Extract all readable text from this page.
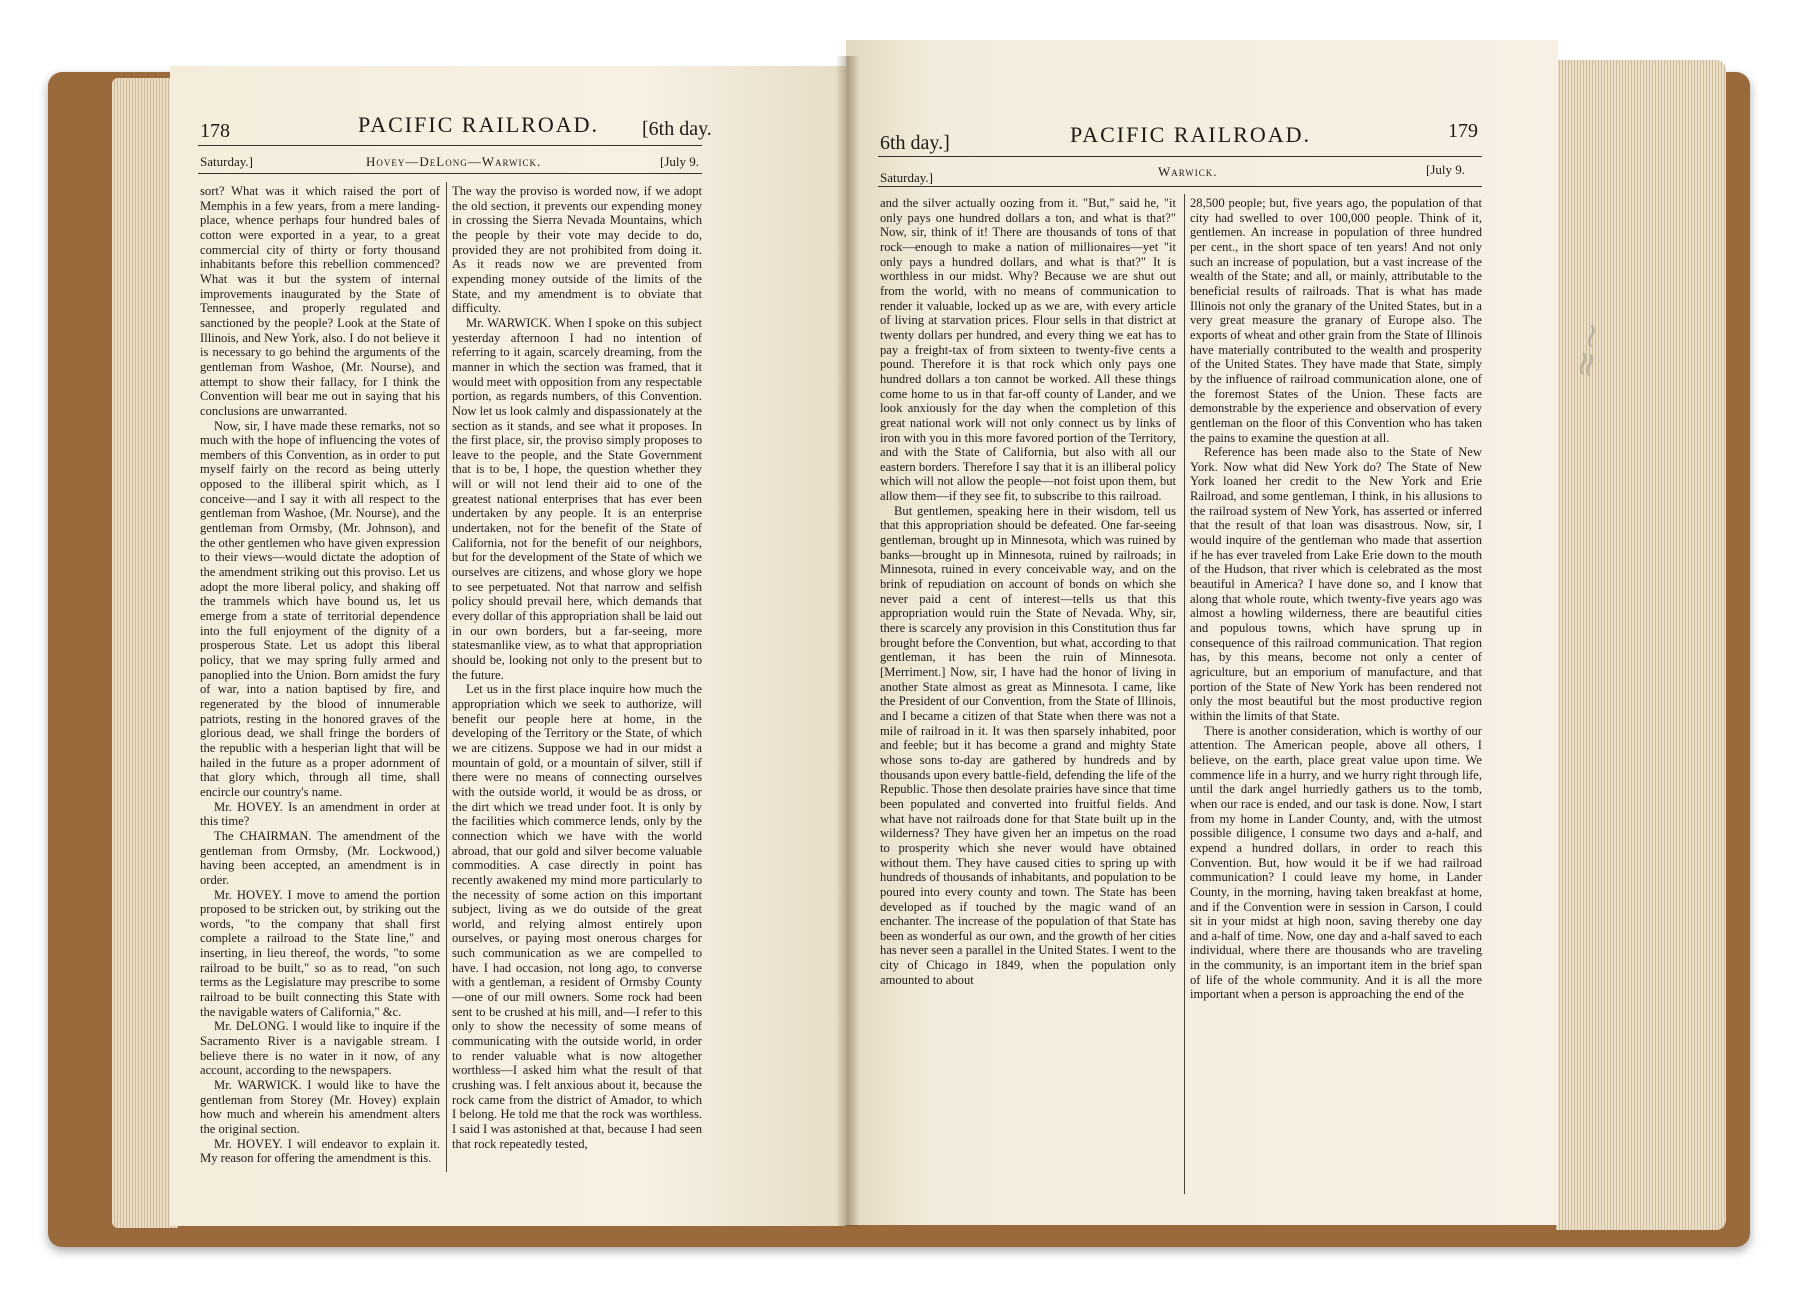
178	PACIFIC RAILROAD. [6th day.
Saturday.]	Hovey—DeLong—Warwick.	[July 9.

sort? What was it which raised the port of Memphis in a few years, from a mere landing-place, whence perhaps four hundred bales of cotton were exported in a year, to a great commercial city of thirty or forty thousand inhabitants before this rebellion commenced? What was it but the system of internal improvements inaugurated by the State of Tennessee, and properly regulated and sanctioned by the people? Look at the State of Illinois, and New York, also. I do not believe it is necessary to go behind the arguments of the gentleman from Washoe, (Mr. Nourse), and attempt to show their fallacy, for I think the Convention will bear me out in saying that his conclusions are unwarranted.

Now, sir, I have made these remarks, not so much with the hope of influencing the votes of members of this Convention, as in order to put myself fairly on the record as being utterly opposed to the illiberal spirit which, as I conceive—and I say it with all respect to the gentleman from Washoe, (Mr. Nourse), and the gentleman from Ormsby, (Mr. Johnson), and the other gentlemen who have given expression to their views—would dictate the adoption of the amendment striking out this proviso. Let us adopt the more liberal policy, and shaking off the trammels which have bound us, let us emerge from a state of territorial dependence into the full enjoyment of the dignity of a prosperous State. Let us adopt this liberal policy, that we may spring fully armed and panoplied into the Union. Born amidst the fury of war, into a nation baptised by fire, and regenerated by the blood of innumerable patriots, resting in the honored graves of the glorious dead, we shall fringe the borders of the republic with a hesperian light that will be hailed in the future as a proper adornment of that glory which, through all time, shall encircle our country's name.

Mr. HOVEY. Is an amendment in order at this time?

The CHAIRMAN. The amendment of the gentleman from Ormsby, (Mr. Lockwood,) having been accepted, an amendment is in order.

Mr. HOVEY. I move to amend the portion proposed to be stricken out, by striking out the words, "to the company that shall first complete a railroad to the State line," and inserting, in lieu thereof, the words, "to some railroad to be built," so as to read, "on such terms as the Legislature may prescribe to some railroad to be built connecting this State with the navigable waters of California," &c.

Mr. DeLONG. I would like to inquire if the Sacramento River is a navigable stream. I believe there is no water in it now, of any account, according to the newspapers.

Mr. WARWICK. I would like to have the gentleman from Storey (Mr. Hovey) explain how much and wherein his amendment alters the original section.

Mr. HOVEY. I will endeavor to explain it. My reason for offering the amendment is this.

The way the proviso is worded now, if we adopt the old section, it prevents our expending money in crossing the Sierra Nevada Mountains, which the people by their vote may decide to do, provided they are not prohibited from doing it. As it reads now we are prevented from expending money outside of the limits of the State, and my amendment is to obviate that difficulty.

Mr. WARWICK. When I spoke on this subject yesterday afternoon I had no intention of referring to it again, scarcely dreaming, from the manner in which the section was framed, that it would meet with opposition from any respectable portion, as regards numbers, of this Convention. Now let us look calmly and dispassionately at the section as it stands, and see what it proposes. In the first place, sir, the proviso simply proposes to leave to the people, and the State Government that is to be, I hope, the question whether they will or will not lend their aid to one of the greatest national enterprises that has ever been undertaken by any people. It is an enterprise undertaken, not for the benefit of the State of California, not for the benefit of our neighbors, but for the development of the State of which we ourselves are citizens, and whose glory we hope to see perpetuated. Not that narrow and selfish policy should prevail here, which demands that every dollar of this appropriation shall be laid out in our own borders, but a far-seeing, more statesmanlike view, as to what that appropriation should be, looking not only to the present but to the future.

Let us in the first place inquire how much the appropriation which we seek to authorize, will benefit our people here at home, in the developing of the Territory or the State, of which we are citizens. Suppose we had in our midst a mountain of gold, or a mountain of silver, still if there were no means of connecting ourselves with the outside world, it would be as dross, or the dirt which we tread under foot. It is only by the facilities which commerce lends, only by the connection which we have with the world abroad, that our gold and silver become valuable commodities. A case directly in point has recently awakened my mind more particularly to the necessity of some action on this important subject, living as we do outside of the great world, and relying almost entirely upon ourselves, or paying most onerous charges for such communication as we are compelled to have. I had occasion, not long ago, to converse with a gentleman, a resident of Ormsby County—one of our mill owners. Some rock had been sent to be crushed at his mill, and—I refer to this only to show the necessity of some means of communicating with the outside world, in order to render valuable what is now altogether worthless—I asked him what the result of that crushing was. I felt anxious about it, because the rock came from the district of Amador, to which I belong. He told me that the rock was worthless. I said I was astonished at that, because I had seen that rock repeatedly tested,

6th day.]	PACIFIC RAILROAD.	179
Saturday.]	Warwick.	[July 9.

and the silver actually oozing from it. "But," said he, "it only pays one hundred dollars a ton, and what is that?" Now, sir, think of it! There are thousands of tons of that rock—enough to make a nation of millionaires—yet "it only pays a hundred dollars, and what is that?" It is worthless in our midst. Why? Because we are shut out from the world, with no means of communication to render it valuable, locked up as we are, with every article of living at starvation prices. Flour sells in that district at twenty dollars per hundred, and every thing we eat has to pay a freight-tax of from sixteen to twenty-five cents a pound. Therefore it is that rock which only pays one hundred dollars a ton cannot be worked. All these things come home to us in that far-off county of Lander, and we look anxiously for the day when the completion of this great national work will not only connect us by links of iron with you in this more favored portion of the Territory, and with the State of California, but also with all our eastern borders. Therefore I say that it is an illiberal policy which will not allow the people—not foist upon them, but allow them—if they see fit, to subscribe to this railroad.

But gentlemen, speaking here in their wisdom, tell us that this appropriation should be defeated. One far-seeing gentleman, brought up in Minnesota, which was ruined by banks—brought up in Minnesota, ruined by railroads; in Minnesota, ruined in every conceivable way, and on the brink of repudiation on account of bonds on which she never paid a cent of interest—tells us that this appropriation would ruin the State of Nevada. Why, sir, there is scarcely any provision in this Constitution thus far brought before the Convention, but what, according to that gentleman, it has been the ruin of Minnesota. [Merriment.] Now, sir, I have had the honor of living in another State almost as great as Minnesota. I came, like the President of our Convention, from the State of Illinois, and I became a citizen of that State when there was not a mile of railroad in it. It was then sparsely inhabited, poor and feeble; but it has become a grand and mighty State whose sons to-day are gathered by hundreds and by thousands upon every battle-field, defending the life of the Republic. Those then desolate prairies have since that time been populated and converted into fruitful fields. And what have not railroads done for that State built up in the wilderness? They have given her an impetus on the road to prosperity which she never would have obtained without them. They have caused cities to spring up with hundreds of thousands of inhabitants, and population to be poured into every county and town. The State has been developed as if touched by the magic wand of an enchanter. The increase of the population of that State has been as wonderful as our own, and the growth of her cities has never seen a parallel in the United States. I went to the city of Chicago in 1849, when the population only amounted to about

28,500 people; but, five years ago, the population of that city had swelled to over 100,000 people. Think of it, gentlemen. An increase in population of three hundred per cent., in the short space of ten years! And not only such an increase of population, but a vast increase of the wealth of the State; and all, or mainly, attributable to the beneficial results of railroads. That is what has made Illinois not only the granary of the United States, but in a very great measure the granary of Europe also. The exports of wheat and other grain from the State of Illinois have materially contributed to the wealth and prosperity of the United States. They have made that State, simply by the influence of railroad communication alone, one of the foremost States of the Union. These facts are demonstrable by the experience and observation of every gentleman on the floor of this Convention who has taken the pains to examine the question at all.

Reference has been made also to the State of New York. Now what did New York do? The State of New York loaned her credit to the New York and Erie Railroad, and some gentleman, I think, in his allusions to the railroad system of New York, has asserted or inferred that the result of that loan was disastrous. Now, sir, I would inquire of the gentleman who made that assertion if he has ever traveled from Lake Erie down to the mouth of the Hudson, that river which is celebrated as the most beautiful in America? I have done so, and I know that along that whole route, which twenty-five years ago was almost a howling wilderness, there are beautiful cities and populous towns, which have sprung up in consequence of this railroad communication. That region has, by this means, become not only a center of agriculture, but an emporium of manufacture, and that portion of the State of New York has been rendered not only the most beautiful but the most productive region within the limits of that State.

There is another consideration, which is worthy of our attention. The American people, above all others, I believe, on the earth, place great value upon time. We commence life in a hurry, and we hurry right through life, until the dark angel hurriedly gathers us to the tomb, when our race is ended, and our task is done. Now, I start from my home in Lander County, and, with the utmost possible diligence, I consume two days and a-half, and expend a hundred dollars, in order to reach this Convention. But, how would it be if we had railroad communication? I could leave my home, in Lander County, in the morning, having taken breakfast at home, and if the Convention were in session in Carson, I could sit in your midst at high noon, saving thereby one day and a-half of time. Now, one day and a-half saved to each individual, where there are thousands who are traveling in the community, is an important item in the brief span of life of the whole community. And it is all the more important when a person is approaching the end of the

≈~
